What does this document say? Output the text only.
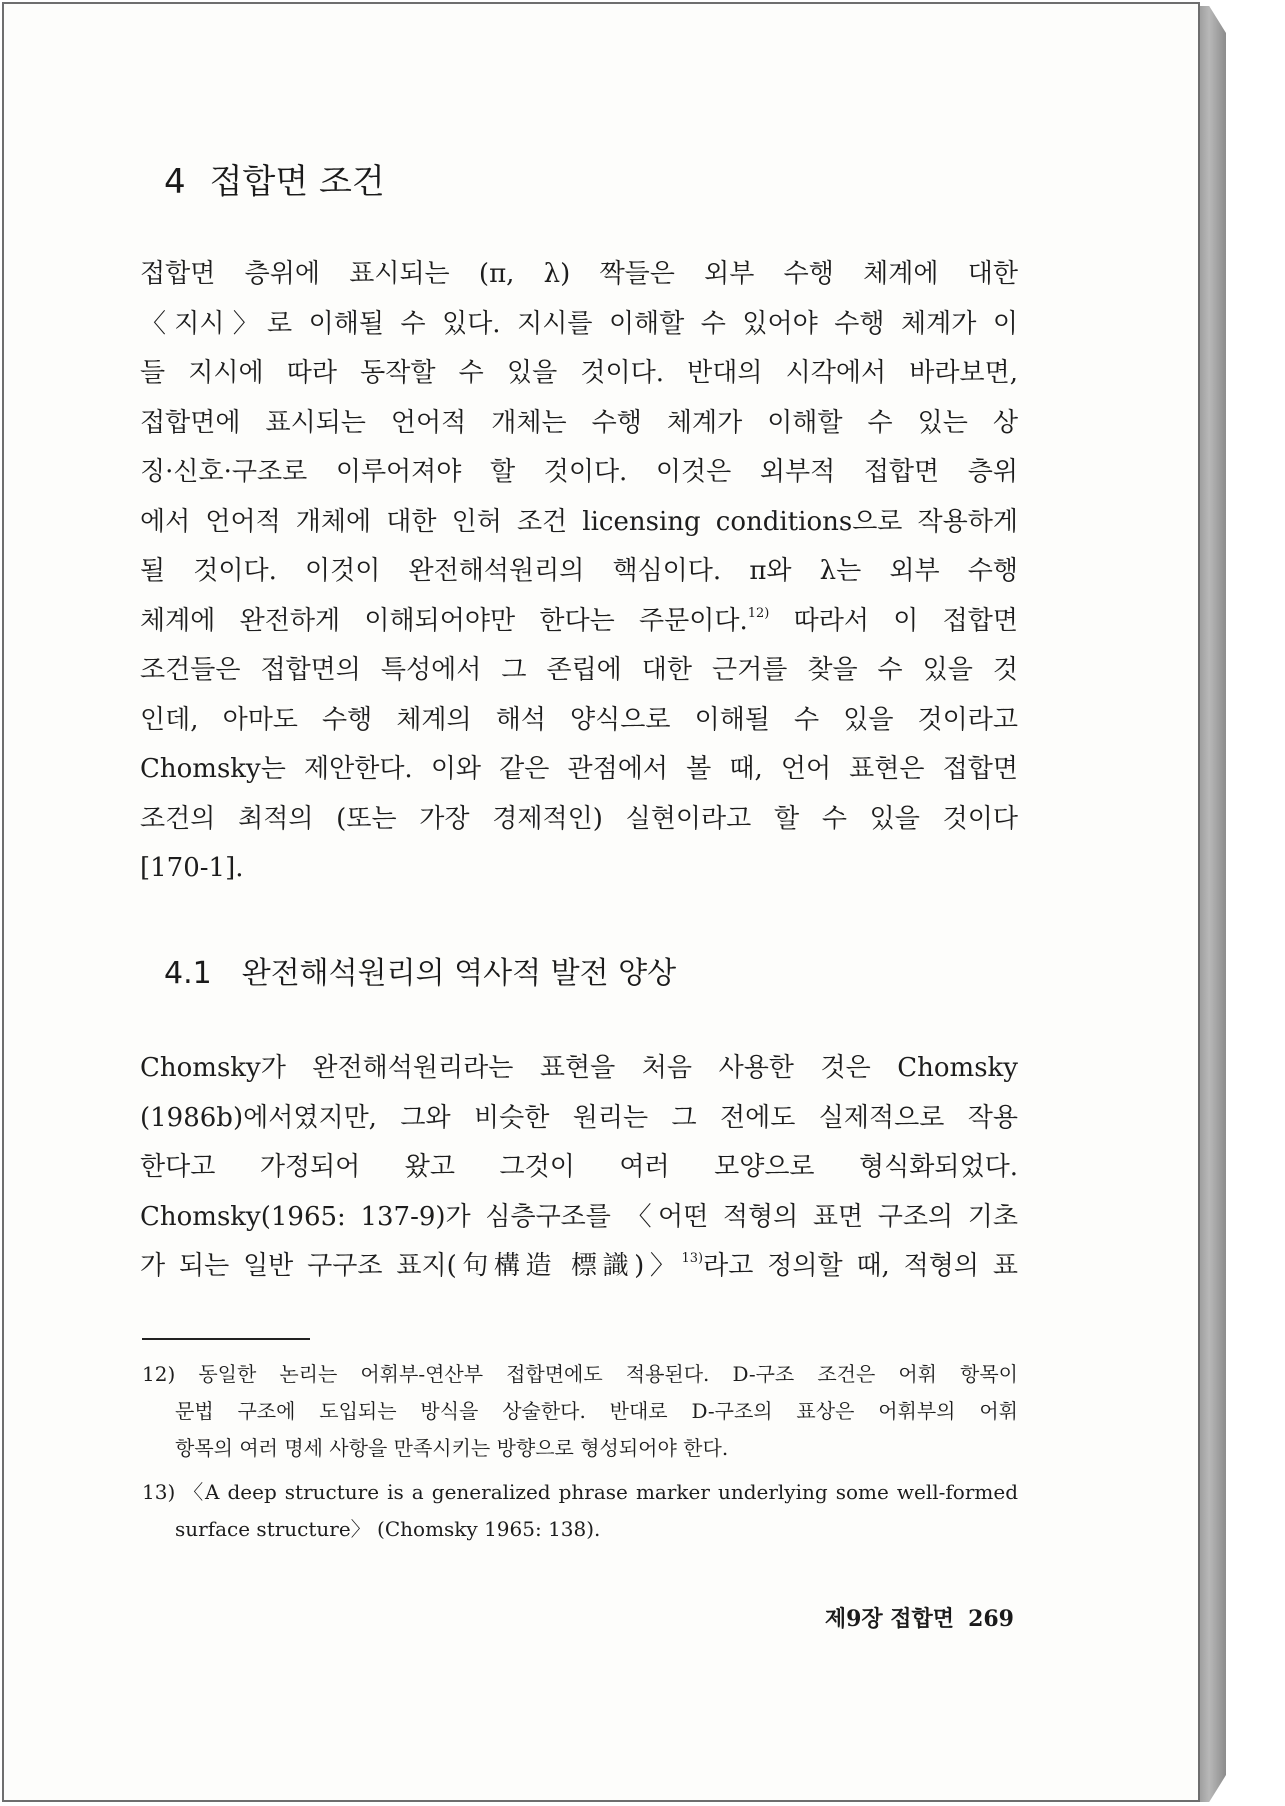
4 접합면 조건
접합면 층위에 표시되는 (π, λ) 짝들은 외부 수행 체계에 대한
〈지시〉로 이해될 수 있다. 지시를 이해할 수 있어야 수행 체계가 이
들 지시에 따라 동작할 수 있을 것이다. 반대의 시각에서 바라보면,
접합면에 표시되는 언어적 개체는 수행 체계가 이해할 수 있는 상
징·신호·구조로 이루어져야 할 것이다. 이것은 외부적 접합면 층위
에서 언어적 개체에 대한 인허 조건 licensing conditions으로 작용하게
될 것이다. 이것이 완전해석원리의 핵심이다. π와 λ는 외부 수행
체계에 완전하게 이해되어야만 한다는 주문이다.$^{12)}$ 따라서 이 접합면
조건들은 접합면의 특성에서 그 존립에 대한 근거를 찾을 수 있을 것
인데, 아마도 수행 체계의 해석 양식으로 이해될 수 있을 것이라고
Chomsky는 제안한다. 이와 같은 관점에서 볼 때, 언어 표현은 접합면
조건의 최적의 (또는 가장 경제적인) 실현이라고 할 수 있을 것이다
[170-1].
4.1 완전해석원리의 역사적 발전 양상
Chomsky가 완전해석원리라는 표현을 처음 사용한 것은 Chomsky
(1986b)에서였지만, 그와 비슷한 원리는 그 전에도 실제적으로 작용
한다고 가정되어 왔고 그것이 여러 모양으로 형식화되었다.
Chomsky(1965: 137-9)가 심층구조를 〈어떤 적형의 표면 구조의 기초
가 되는 일반 구구조 표지(句構造 標識)〉$^{13)}$라고 정의할 때, 적형의 표
12) 동일한 논리는 어휘부-연산부 접합면에도 적용된다. D-구조 조건은 어휘 항목이
문법 구조에 도입되는 방식을 상술한다. 반대로 D-구조의 표상은 어휘부의 어휘
항목의 여러 명세 사항을 만족시키는 방향으로 형성되어야 한다.
13) 〈A deep structure is a generalized phrase marker underlying some well-formed
surface structure〉 (Chomsky 1965: 138).
제9장 접합면 269
